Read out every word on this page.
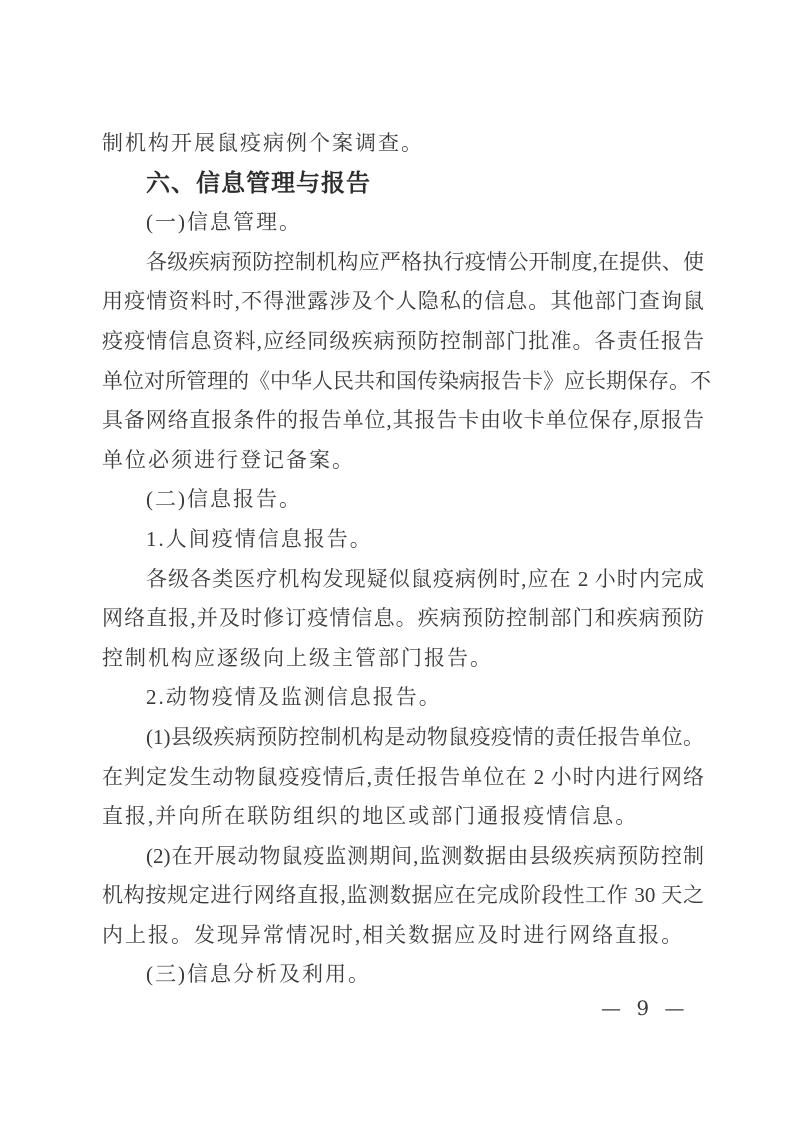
制机构开展鼠疫病例个案调查。
六、信息管理与报告
(一)信息管理。
各级疾病预防控制机构应严格执行疫情公开制度,在提供、使
用疫情资料时,不得泄露涉及个人隐私的信息。其他部门查询鼠
疫疫情信息资料,应经同级疾病预防控制部门批准。各责任报告
单位对所管理的《中华人民共和国传染病报告卡》应长期保存。不
具备网络直报条件的报告单位,其报告卡由收卡单位保存,原报告
单位必须进行登记备案。
(二)信息报告。
1.人间疫情信息报告。
各级各类医疗机构发现疑似鼠疫病例时,应在 2 小时内完成
网络直报,并及时修订疫情信息。疾病预防控制部门和疾病预防
控制机构应逐级向上级主管部门报告。
2.动物疫情及监测信息报告。
(1)县级疾病预防控制机构是动物鼠疫疫情的责任报告单位。
在判定发生动物鼠疫疫情后,责任报告单位在 2 小时内进行网络
直报,并向所在联防组织的地区或部门通报疫情信息。
(2)在开展动物鼠疫监测期间,监测数据由县级疾病预防控制
机构按规定进行网络直报,监测数据应在完成阶段性工作 30 天之
内上报。发现异常情况时,相关数据应及时进行网络直报。
(三)信息分析及利用。
— 9 —
